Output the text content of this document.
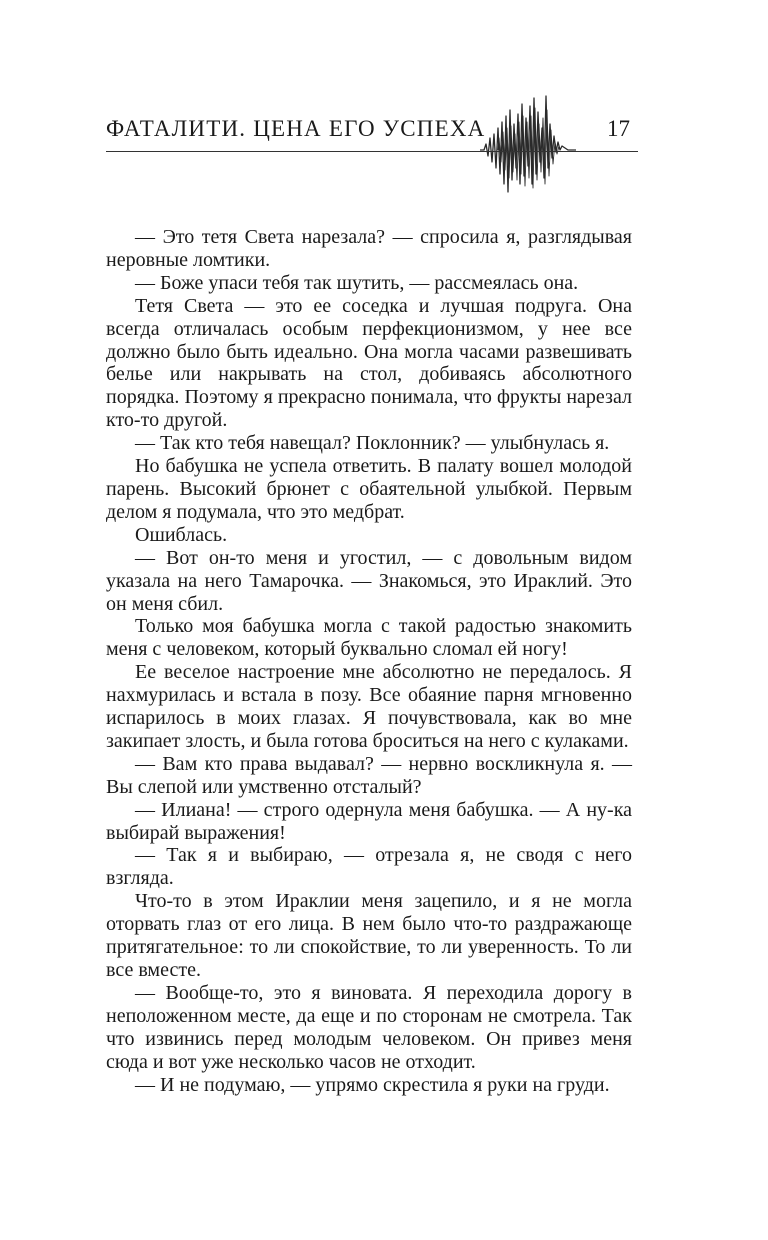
ФАТАЛИТИ. ЦЕНА ЕГО УСПЕХА	17

— Это тетя Света нарезала? — спросила я, разглядывая неровные ломтики.

— Боже упаси тебя так шутить, — рассмеялась она.

Тетя Света — это ее соседка и лучшая подруга. Она всегда отличалась особым перфекционизмом, у нее все должно было быть идеально. Она могла часами развешивать белье или накрывать на стол, добиваясь абсолютного порядка. Поэтому я прекрасно понимала, что фрукты нарезал кто-то другой.

— Так кто тебя навещал? Поклонник? — улыбнулась я.

Но бабушка не успела ответить. В палату вошел молодой парень. Высокий брюнет с обаятельной улыбкой. Первым делом я подумала, что это медбрат.

Ошиблась.

— Вот он-то меня и угостил, — с довольным видом указала на него Тамарочка. — Знакомься, это Ираклий. Это он меня сбил.

Только моя бабушка могла с такой радостью знакомить меня с человеком, который буквально сломал ей ногу!

Ее веселое настроение мне абсолютно не передалось. Я нахмурилась и встала в позу. Все обаяние парня мгновенно испарилось в моих глазах. Я почувствовала, как во мне закипает злость, и была готова броситься на него с кулаками.

— Вам кто права выдавал? — нервно воскликнула я. — Вы слепой или умственно отсталый?

— Илиана! — строго одернула меня бабушка. — А ну-ка выбирай выражения!

— Так я и выбираю, — отрезала я, не сводя с него взгляда.

Что-то в этом Ираклии меня зацепило, и я не могла оторвать глаз от его лица. В нем было что-то раздражающе притягательное: то ли спокойствие, то ли уверенность. То ли все вместе.

— Вообще-то, это я виновата. Я переходила дорогу в неположенном месте, да еще и по сторонам не смотрела. Так что извинись перед молодым человеком. Он привез меня сюда и вот уже несколько часов не отходит.

— И не подумаю, — упрямо скрестила я руки на груди.
